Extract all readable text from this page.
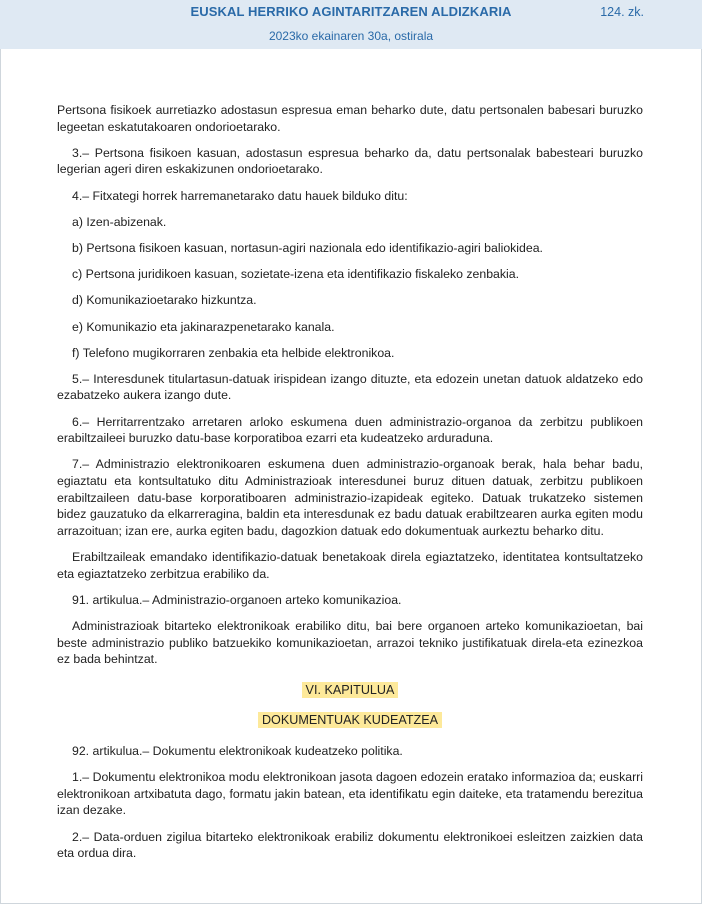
EUSKAL HERRIKO AGINTARITZAREN ALDIZKARIA	124. zk.
2023ko ekainaren 30a, ostirala

Pertsona fisikoek aurretiazko adostasun espresua eman beharko dute, datu pertsonalen babesari buruzko legeetan eskatutakoaren ondorioetarako.

3.– Pertsona fisikoen kasuan, adostasun espresua beharko da, datu pertsonalak babesteari buruzko legerian ageri diren eskakizunen ondorioetarako.

4.– Fitxategi horrek harremanetarako datu hauek bilduko ditu:

a) Izen-abizenak.

b) Pertsona fisikoen kasuan, nortasun-agiri nazionala edo identifikazio-agiri baliokidea.

c) Pertsona juridikoen kasuan, sozietate-izena eta identifikazio fiskaleko zenbakia.

d) Komunikazioetarako hizkuntza.

e) Komunikazio eta jakinarazpenetarako kanala.

f) Telefono mugikorraren zenbakia eta helbide elektronikoa.

5.– Interesdunek titulartasun-datuak irispidean izango dituzte, eta edozein unetan datuok aldatzeko edo ezabatzeko aukera izango dute.

6.– Herritarrentzako arretaren arloko eskumena duen administrazio-organoa da zerbitzu publikoen erabiltzaileei buruzko datu-base korporatiboa ezarri eta kudeatzeko arduraduna.

7.– Administrazio elektronikoaren eskumena duen administrazio-organoak berak, hala behar badu, egiaztatu eta kontsultatuko ditu Administrazioak interesdunei buruz dituen datuak, zerbitzu publikoen erabiltzaileen datu-base korporatiboaren administrazio-izapideak egiteko. Datuak trukatzeko sistemen bidez gauzatuko da elkarreragina, baldin eta interesdunak ez badu datuak erabiltzearen aurka egiten modu arrazoituan; izan ere, aurka egiten badu, dagozkion datuak edo dokumentuak aurkeztu beharko ditu.

Erabiltzaileak emandako identifikazio-datuak benetakoak direla egiaztatzeko, identitatea kontsultatzeko eta egiaztatzeko zerbitzua erabiliko da.

91. artikulua.– Administrazio-organoen arteko komunikazioa.

Administrazioak bitarteko elektronikoak erabiliko ditu, bai bere organoen arteko komunikazioetan, bai beste administrazio publiko batzuekiko komunikazioetan, arrazoi tekniko justifikatuak direla-eta ezinezkoa ez bada behintzat.

VI. KAPITULUA

DOKUMENTUAK KUDEATZEA

92. artikulua.– Dokumentu elektronikoak kudeatzeko politika.

1.– Dokumentu elektronikoa modu elektronikoan jasota dagoen edozein eratako informazioa da; euskarri elektronikoan artxibatuta dago, formatu jakin batean, eta identifikatu egin daiteke, eta tratamendu berezitua izan dezake.

2.– Data-orduen zigilua bitarteko elektronikoak erabiliz dokumentu elektronikoei esleitzen zaizkien data eta ordua dira.
